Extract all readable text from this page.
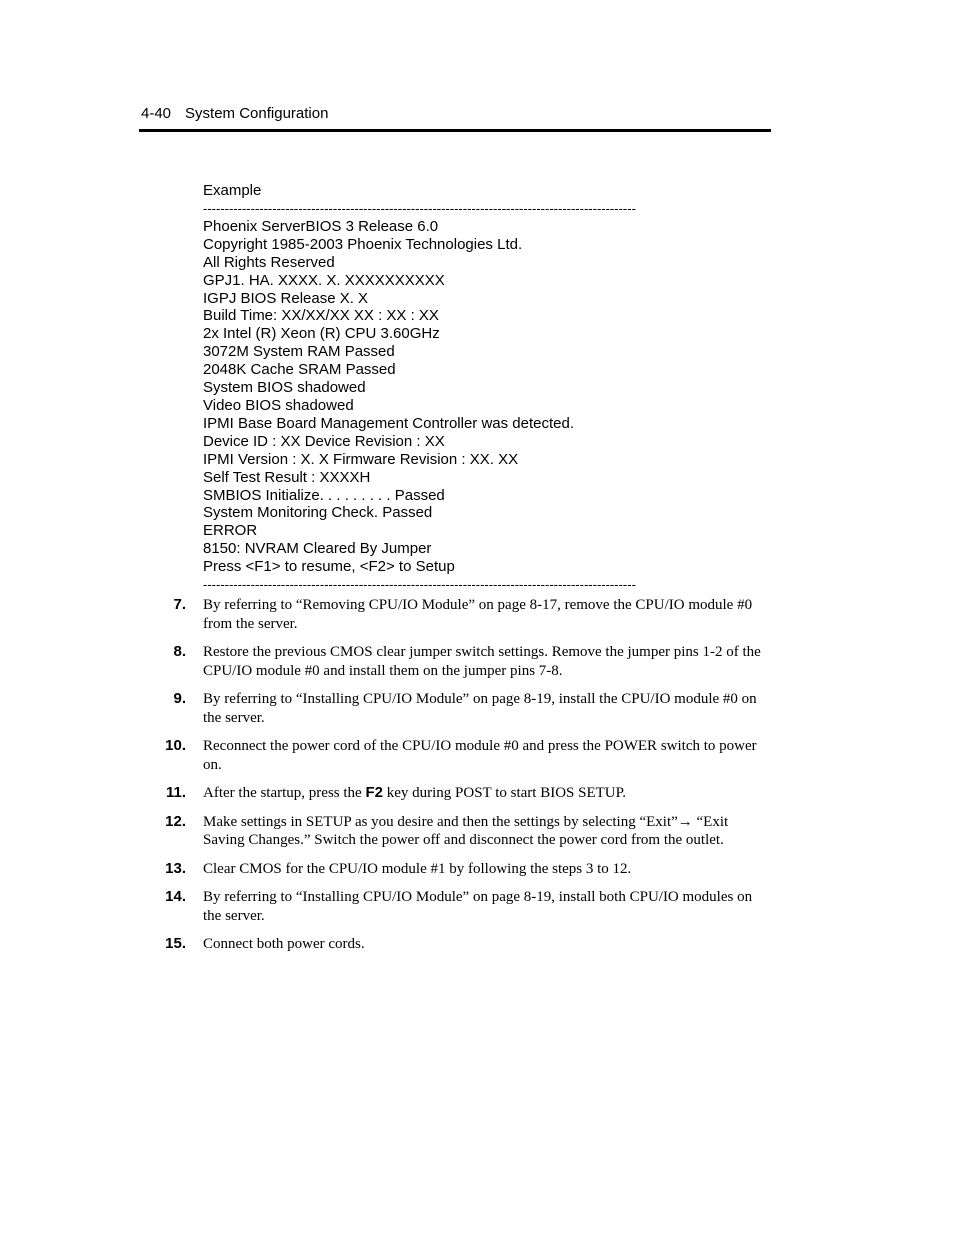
4-40 System Configuration
Example
----------------------------------------------------------------------------------------------------
Phoenix ServerBIOS 3 Release 6.0
Copyright 1985-2003 Phoenix Technologies Ltd.
All Rights Reserved
GPJ1. HA. XXXX. X. XXXXXXXXXX
IGPJ BIOS Release X. X
Build Time: XX/XX/XX XX : XX : XX
2x Intel (R) Xeon (R) CPU 3.60GHz
3072M System RAM Passed
2048K Cache SRAM Passed
System BIOS shadowed
Video BIOS shadowed
IPMI Base Board Management Controller was detected.
Device ID : XX Device Revision : XX
IPMI Version : X. X Firmware Revision : XX. XX
Self Test Result : XXXXH
SMBIOS Initialize. . . . . . . . . Passed
System Monitoring Check. Passed
ERROR
8150: NVRAM Cleared By Jumper
Press <F1> to resume, <F2> to Setup
----------------------------------------------------------------------------------------------------
7. By referring to “Removing CPU/IO Module” on page 8-17, remove the CPU/IO module #0 from the server.
8. Restore the previous CMOS clear jumper switch settings. Remove the jumper pins 1-2 of the CPU/IO module #0 and install them on the jumper pins 7-8.
9. By referring to “Installing CPU/IO Module” on page 8-19, install the CPU/IO module #0 on the server.
10. Reconnect the power cord of the CPU/IO module #0 and press the POWER switch to power on.
11. After the startup, press the F2 key during POST to start BIOS SETUP.
12. Make settings in SETUP as you desire and then the settings by selecting “Exit”→ “Exit Saving Changes.” Switch the power off and disconnect the power cord from the outlet.
13. Clear CMOS for the CPU/IO module #1 by following the steps 3 to 12.
14. By referring to “Installing CPU/IO Module” on page 8-19, install both CPU/IO modules on the server.
15. Connect both power cords.
